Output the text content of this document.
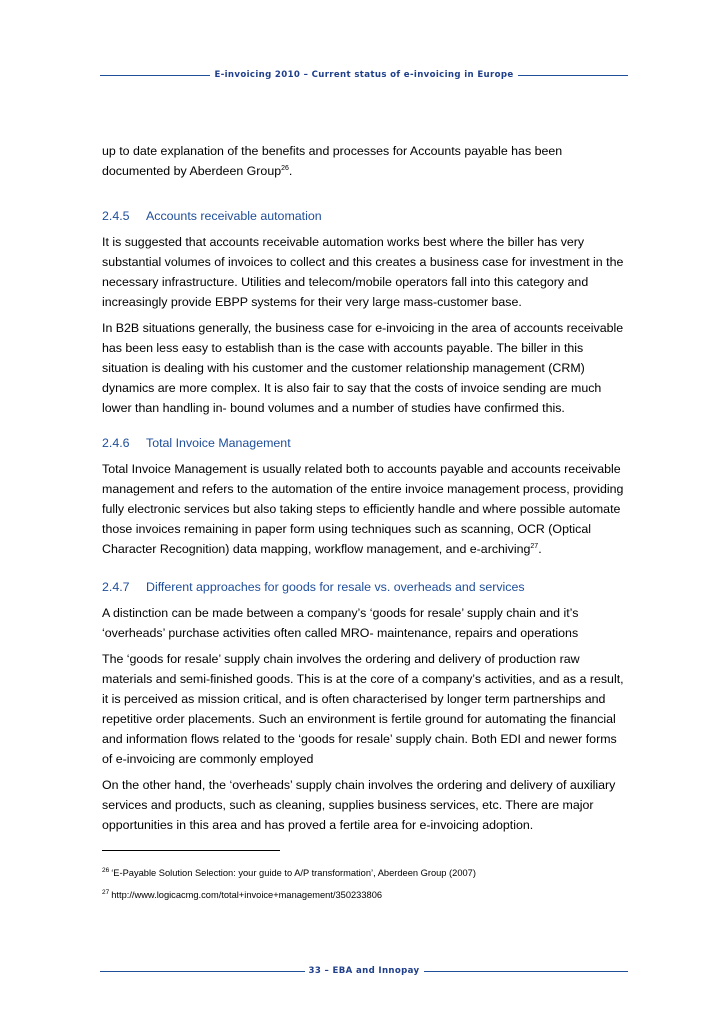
E-invoicing 2010 – Current status of e-invoicing in Europe

up to date explanation of the benefits and processes for Accounts payable has been documented by Aberdeen Group$^{26}$.

2.4.5 Accounts receivable automation

It is suggested that accounts receivable automation works best where the biller has very substantial volumes of invoices to collect and this creates a business case for investment in the necessary infrastructure. Utilities and telecom/mobile operators fall into this category and increasingly provide EBPP systems for their very large mass-customer base.

In B2B situations generally, the business case for e-invoicing in the area of accounts receivable has been less easy to establish than is the case with accounts payable. The biller in this situation is dealing with his customer and the customer relationship management (CRM) dynamics are more complex. It is also fair to say that the costs of invoice sending are much lower than handling in- bound volumes and a number of studies have confirmed this.

2.4.6 Total Invoice Management

Total Invoice Management is usually related both to accounts payable and accounts receivable management and refers to the automation of the entire invoice management process, providing fully electronic services but also taking steps to efficiently handle and where possible automate those invoices remaining in paper form using techniques such as scanning, OCR (Optical Character Recognition) data mapping, workflow management, and e-archiving$^{27}$.

2.4.7 Different approaches for goods for resale vs. overheads and services

A distinction can be made between a company’s ‘goods for resale’ supply chain and it’s ‘overheads’ purchase activities often called MRO- maintenance, repairs and operations

The ‘goods for resale’ supply chain involves the ordering and delivery of production raw materials and semi-finished goods. This is at the core of a company’s activities, and as a result, it is perceived as mission critical, and is often characterised by longer term partnerships and repetitive order placements. Such an environment is fertile ground for automating the financial and information flows related to the ‘goods for resale’ supply chain. Both EDI and newer forms of e-invoicing are commonly employed

On the other hand, the ‘overheads’ supply chain involves the ordering and delivery of auxiliary services and products, such as cleaning, supplies business services, etc. There are major opportunities in this area and has proved a fertile area for e-invoicing adoption.

$^{26}$ ‘E-Payable Solution Selection: your guide to A/P transformation’, Aberdeen Group (2007)
$^{27}$ http://www.logicacmg.com/total+invoice+management/350233806
33 – EBA and Innopay
